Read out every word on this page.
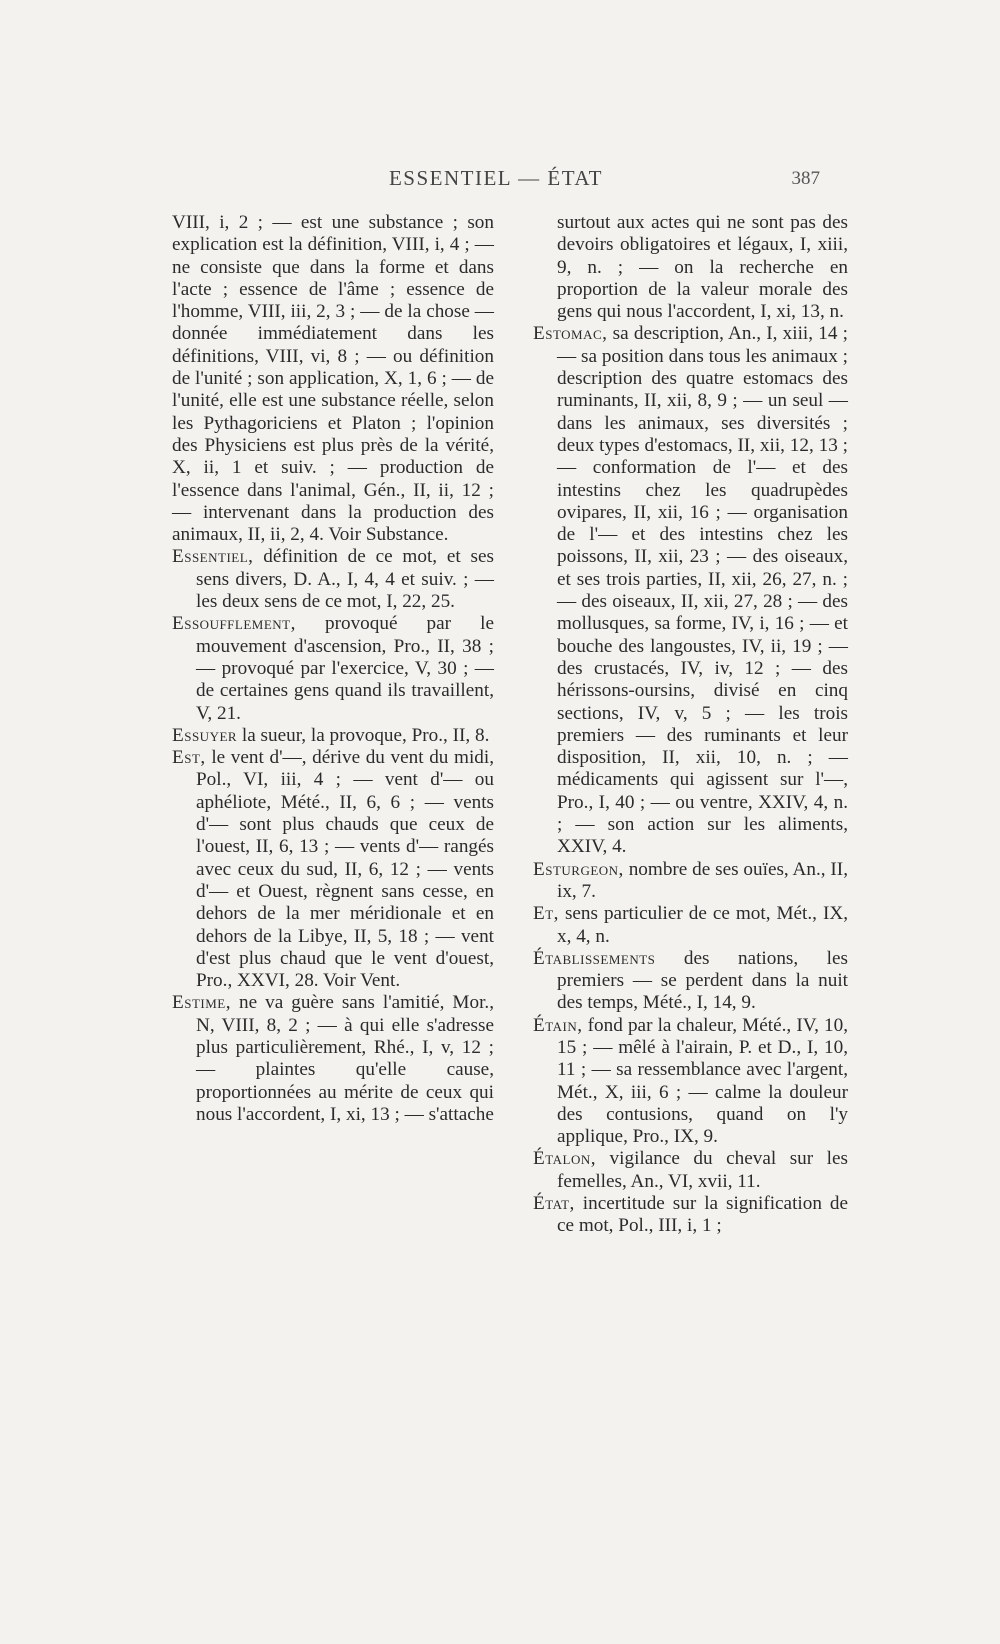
ESSENTIEL — ÉTAT	387

VIII, i, 2 ; — est une substance ; son explication est la définition, VIII, i, 4 ; — ne consiste que dans la forme et dans l'acte ; essence de l'âme ; essence de l'homme, VIII, iii, 2, 3 ; — de la chose — donnée immédiatement dans les définitions, VIII, vi, 8 ; — ou définition de l'unité ; son application, X, 1, 6 ; — de l'unité, elle est une substance réelle, selon les Pythagoriciens et Platon ; l'opinion des Physiciens est plus près de la vérité, X, ii, 1 et suiv. ; — production de l'essence dans l'animal, Gén., II, ii, 12 ; — intervenant dans la production des animaux, II, ii, 2, 4. Voir Substance.

Essentiel, définition de ce mot, et ses sens divers, D. A., I, 4, 4 et suiv. ; — les deux sens de ce mot, I, 22, 25.

Essoufflement, provoqué par le mouvement d'ascension, Pro., II, 38 ; — provoqué par l'exercice, V, 30 ; — de certaines gens quand ils travaillent, V, 21.

Essuyer la sueur, la provoque, Pro., II, 8.

Est, le vent d'—, dérive du vent du midi, Pol., VI, iii, 4 ; — vent d'— ou aphéliote, Mété., II, 6, 6 ; — vents d'— sont plus chauds que ceux de l'ouest, II, 6, 13 ; — vents d'— rangés avec ceux du sud, II, 6, 12 ; — vents d'— et Ouest, règnent sans cesse, en dehors de la mer méridionale et en dehors de la Libye, II, 5, 18 ; — vent d'est plus chaud que le vent d'ouest, Pro., XXVI, 28. Voir Vent.

Estime, ne va guère sans l'amitié, Mor., N, VIII, 8, 2 ; — à qui elle s'adresse plus particulièrement, Rhé., I, v, 12 ; — plaintes qu'elle cause, proportionnées au mérite de ceux qui nous l'accordent, I, xi, 13 ; — s'attache

surtout aux actes qui ne sont pas des devoirs obligatoires et légaux, I, xiii, 9, n. ; — on la recherche en proportion de la valeur morale des gens qui nous l'accordent, I, xi, 13, n.

Estomac, sa description, An., I, xiii, 14 ; — sa position dans tous les animaux ; description des quatre estomacs des ruminants, II, xii, 8, 9 ; — un seul — dans les animaux, ses diversités ; deux types d'estomacs, II, xii, 12, 13 ; — conformation de l'— et des intestins chez les quadrupèdes ovipares, II, xii, 16 ; — organisation de l'— et des intestins chez les poissons, II, xii, 23 ; — des oiseaux, et ses trois parties, II, xii, 26, 27, n. ; — des oiseaux, II, xii, 27, 28 ; — des mollusques, sa forme, IV, i, 16 ; — et bouche des langoustes, IV, ii, 19 ; — des crustacés, IV, iv, 12 ; — des hérissons-oursins, divisé en cinq sections, IV, v, 5 ; — les trois premiers — des ruminants et leur disposition, II, xii, 10, n. ; — médicaments qui agissent sur l'—, Pro., I, 40 ; — ou ventre, XXIV, 4, n. ; — son action sur les aliments, XXIV, 4.

Esturgeon, nombre de ses ouïes, An., II, ix, 7.

Et, sens particulier de ce mot, Mét., IX, x, 4, n.

Établissements des nations, les premiers — se perdent dans la nuit des temps, Mété., I, 14, 9.

Étain, fond par la chaleur, Mété., IV, 10, 15 ; — mêlé à l'airain, P. et D., I, 10, 11 ; — sa ressemblance avec l'argent, Mét., X, iii, 6 ; — calme la douleur des contusions, quand on l'y applique, Pro., IX, 9.

Étalon, vigilance du cheval sur les femelles, An., VI, xvii, 11.

État, incertitude sur la signification de ce mot, Pol., III, i, 1 ;
